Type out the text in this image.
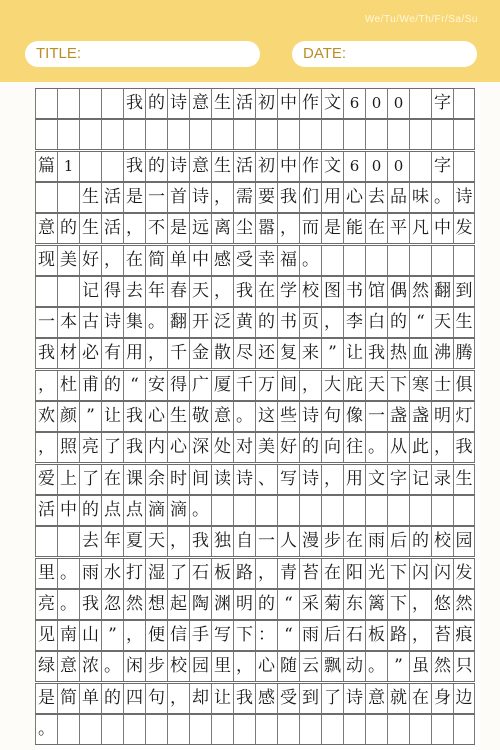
We/Tu/We/Th/Fr/Sa/Su
TITLE:	DATE:
我 的 诗 意 生 活 初 中 作 文 6 0 0	字
篇 1	我 的 诗 意 生 活 初 中 作 文 6 0 0	字
生 活 是 一 首 诗 ， 需 要 我 们 用 心 去 品 味 。 诗
意 的 生 活 ， 不 是 远 离 尘 嚣 ， 而 是 能 在 平 凡 中 发
现 美 好 ， 在 简 单 中 感 受 幸 福 。
记 得 去 年 春 天 ， 我 在 学 校 图 书 馆 偶 然 翻 到
一 本 古 诗 集 。 翻 开 泛 黄 的 书 页 ， 李 白 的 “ 天 生
我 材 必 有 用 ， 千 金 散 尽 还 复 来 ” 让 我 热 血 沸 腾
， 杜 甫 的 “ 安 得 广 厦 千 万 间 ， 大 庇 天 下 寒 士 俱
欢 颜 ” 让 我 心 生 敬 意 。 这 些 诗 句 像 一 盏 盏 明 灯
， 照 亮 了 我 内 心 深 处 对 美 好 的 向 往 。 从 此 ， 我
爱 上 了 在 课 余 时 间 读 诗 、 写 诗 ， 用 文 字 记 录 生
活 中 的 点 点 滴 滴 。
去 年 夏 天 ， 我 独 自 一 人 漫 步 在 雨 后 的 校 园
里 。 雨 水 打 湿 了 石 板 路 ， 青 苔 在 阳 光 下 闪 闪 发
亮 。 我 忽 然 想 起 陶 渊 明 的 “ 采 菊 东 篱 下 ， 悠 然
见 南 山 ” ， 便 信 手 写 下 ： “ 雨 后 石 板 路 ， 苔 痕
绿 意 浓 。 闲 步 校 园 里 ， 心 随 云 飘 动 。 ” 虽 然 只
是 简 单 的 四 句 ， 却 让 我 感 受 到 了 诗 意 就 在 身 边
。
